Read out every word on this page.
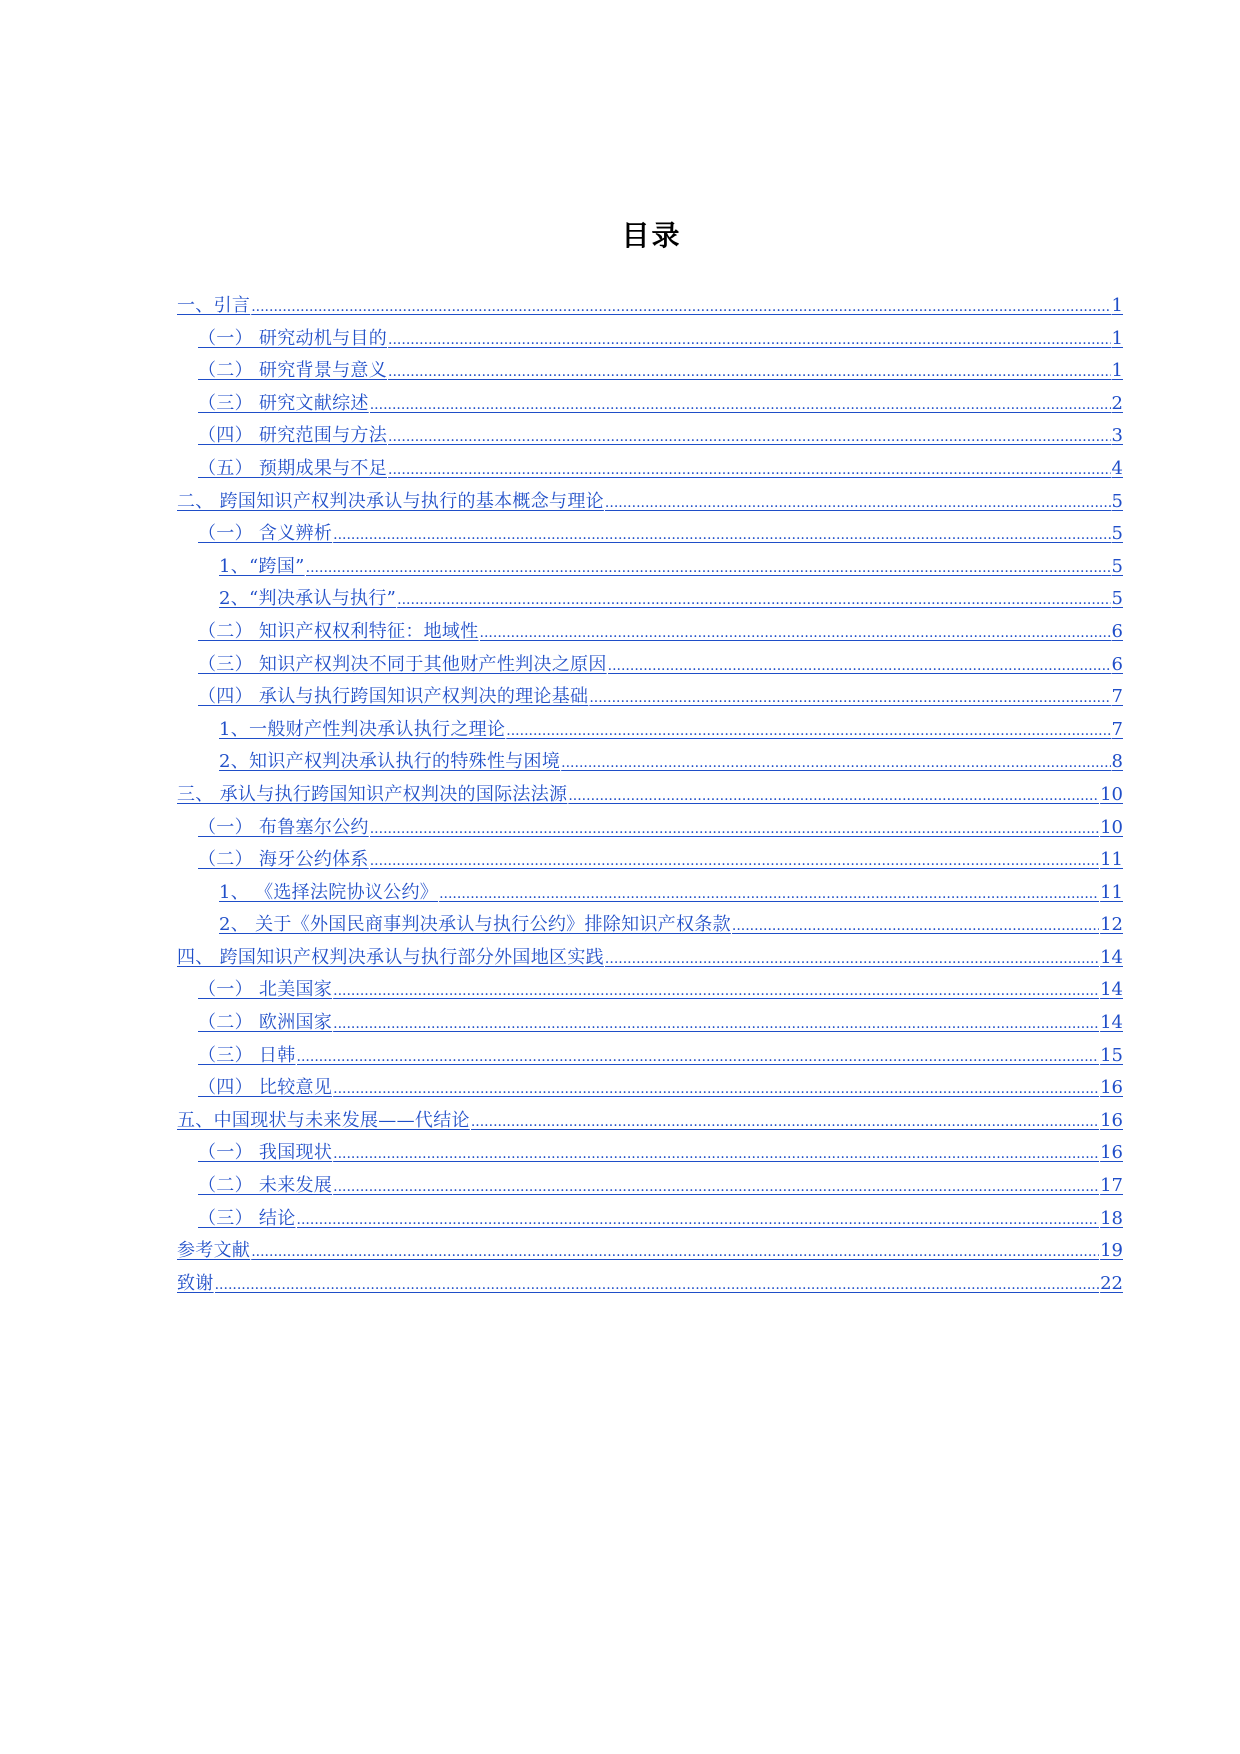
目录
一、引言 .....	1
（一） 研究动机与目的 .....	1
（二） 研究背景与意义 .....	1
（三） 研究文献综述 .....	2
（四） 研究范围与方法 .....	3
（五） 预期成果与不足 .....	4
二、 跨国知识产权判决承认与执行的基本概念与理论 .....	5
（一） 含义辨析 .....	5
1、“跨国” .....	5
2、“判决承认与执行” .....	5
（二） 知识产权权利特征：地域性 .....	6
（三） 知识产权判决不同于其他财产性判决之原因 .....	6
（四） 承认与执行跨国知识产权判决的理论基础 .....	7
1、一般财产性判决承认执行之理论 .....	7
2、知识产权判决承认执行的特殊性与困境 .....	8
三、 承认与执行跨国知识产权判决的国际法法源 .....	10
（一） 布鲁塞尔公约 .....	10
（二） 海牙公约体系 .....	11
1、 《选择法院协议公约》 .....	11
2、 关于《外国民商事判决承认与执行公约》排除知识产权条款 .....	12
四、 跨国知识产权判决承认与执行部分外国地区实践 .....	14
（一） 北美国家 .....	14
（二） 欧洲国家 .....	14
（三） 日韩 .....	15
（四） 比较意见 .....	16
五、中国现状与未来发展——代结论 .....	16
（一） 我国现状 .....	16
（二） 未来发展 .....	17
（三） 结论 .....	18
参考文献 .....	19
致谢 .....	22
